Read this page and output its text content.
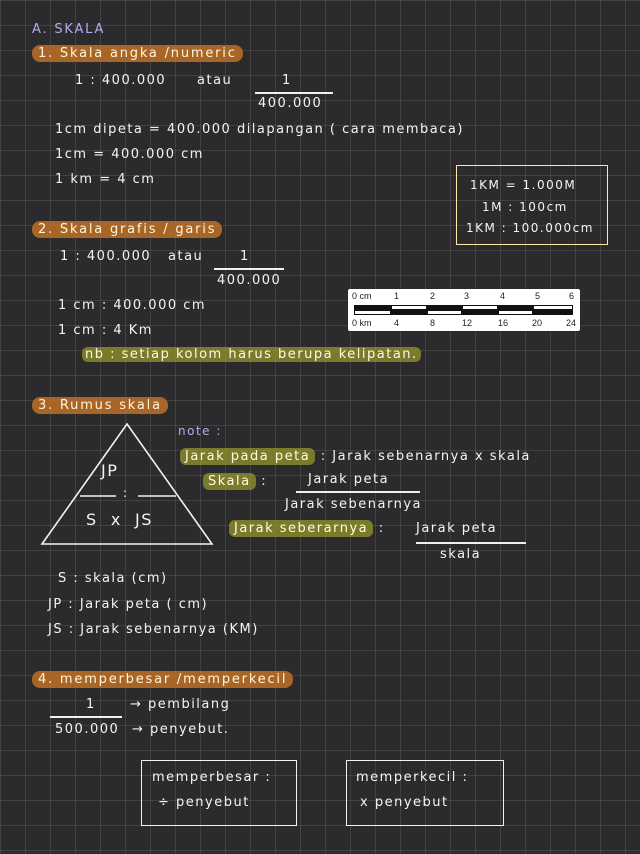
A. SKALA
1. Skala angka /numeric
1 : 400.000 atau	1
400.000
1cm dipeta = 400.000 dilapangan ( cara membaca)
1cm = 400.000 cm
1 km = 4 cm	1KM = 1.000M
1M : 100cm
1KM : 100.000cm
2. Skala grafis / garis
1 : 400.000 atau	1
400.000
1 cm : 400.000 cm
1 cm : 4 Km
nb : setiap kolom harus berupa kelipatan.
0 cm 1	2	3	4	5	6
0 km 4	8	12	16	20	24
3. Rumus skala
JP
:
S  x  JS
note :
Jarak pada peta : Jarak sebenarnya x skala
Skala :	Jarak peta
Jarak sebenarnya
Jarak seberarnya : Jarak peta
skala
S : skala (cm)
JP : Jarak peta ( cm)
JS : Jarak sebenarnya (KM)
4. memperbesar /memperkecil
1	→ pembilang
500.000 → penyebut.
memperbesar :
÷ penyebut
memperkecil :
x penyebut
